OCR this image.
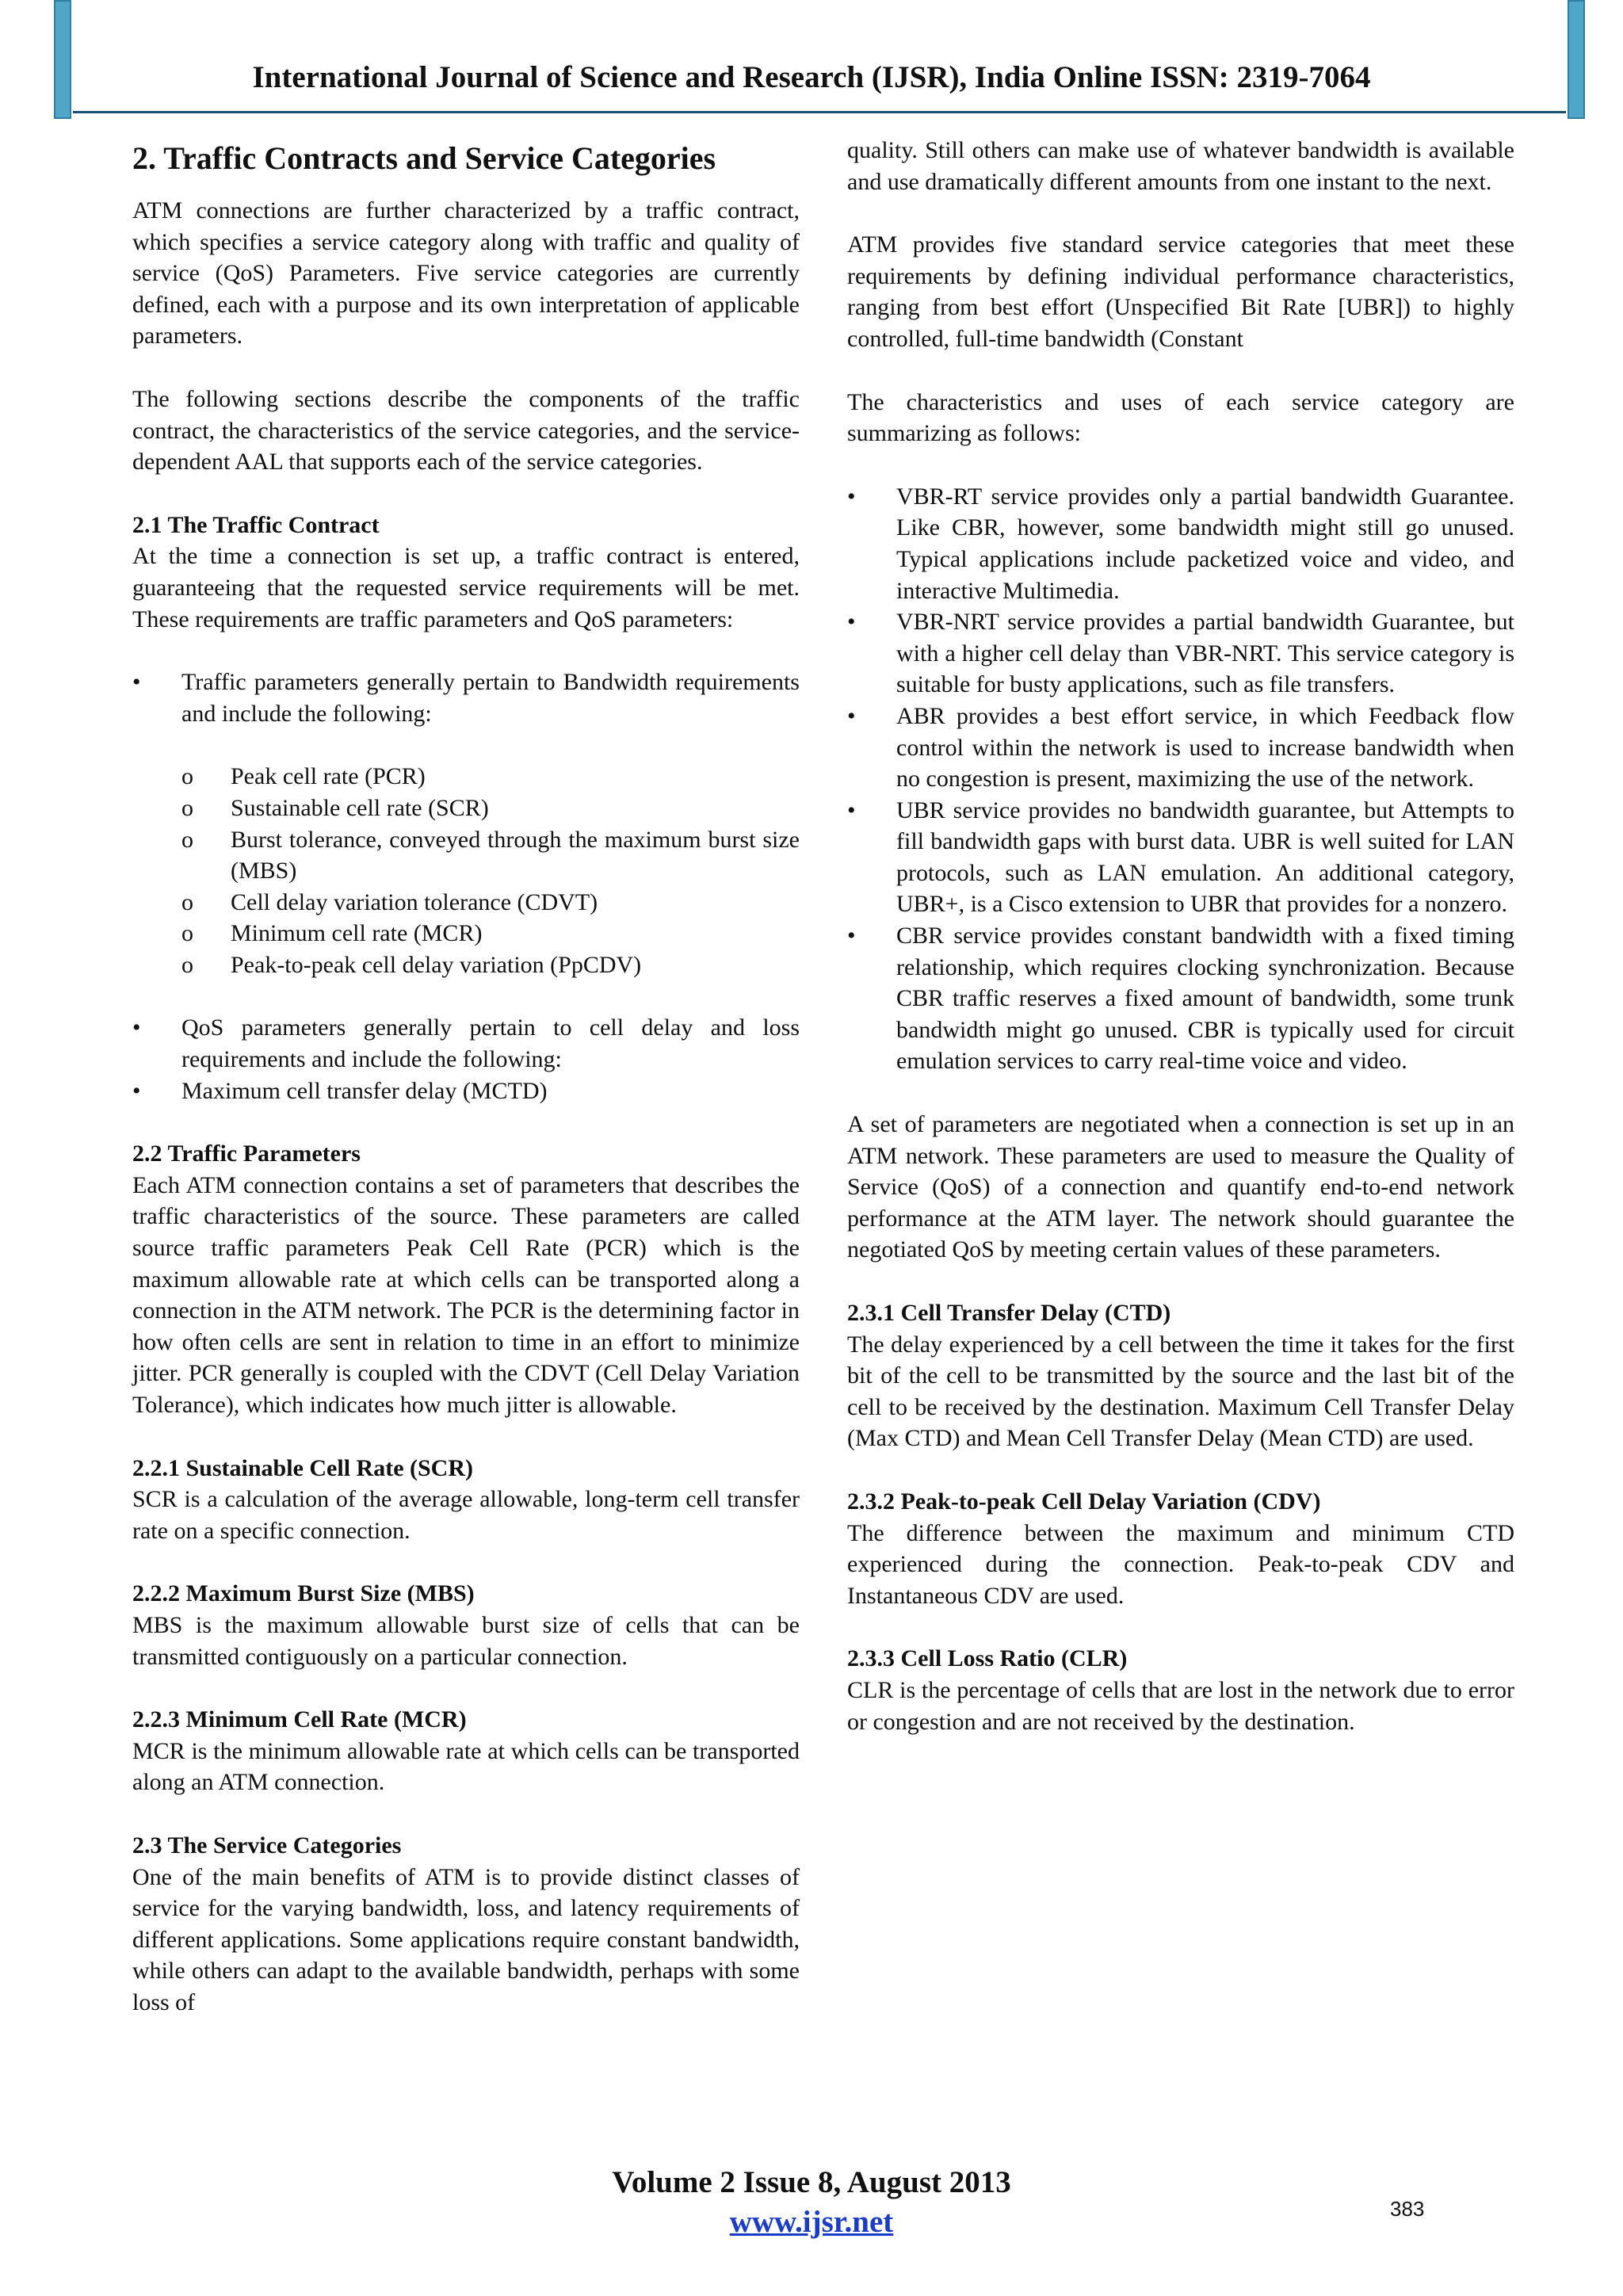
International Journal of Science and Research (IJSR), India Online ISSN: 2319-7064
2. Traffic Contracts and Service Categories

ATM connections are further characterized by a traffic contract, which specifies a service category along with traffic and quality of service (QoS) Parameters. Five service categories are currently defined, each with a purpose and its own interpretation of applicable parameters.

The following sections describe the components of the traffic contract, the characteristics of the service categories, and the service-dependent AAL that supports each of the service categories.

2.1 The Traffic Contract

At the time a connection is set up, a traffic contract is entered, guaranteeing that the requested service requirements will be met. These requirements are traffic parameters and QoS parameters:

• Traffic parameters generally pertain to Bandwidth requirements and include the following:
o Peak cell rate (PCR)
o Sustainable cell rate (SCR)
o Burst tolerance, conveyed through the maximum burst size (MBS)
o Cell delay variation tolerance (CDVT)
o Minimum cell rate (MCR)
o Peak-to-peak cell delay variation (PpCDV)
• QoS parameters generally pertain to cell delay and loss requirements and include the following:
• Maximum cell transfer delay (MCTD)
2.2 Traffic Parameters

Each ATM connection contains a set of parameters that describes the traffic characteristics of the source. These parameters are called source traffic parameters Peak Cell Rate (PCR) which is the maximum allowable rate at which cells can be transported along a connection in the ATM network. The PCR is the determining factor in how often cells are sent in relation to time in an effort to minimize jitter. PCR generally is coupled with the CDVT (Cell Delay Variation Tolerance), which indicates how much jitter is allowable.

2.2.1 Sustainable Cell Rate (SCR)

SCR is a calculation of the average allowable, long-term cell transfer rate on a specific connection.

2.2.2 Maximum Burst Size (MBS)

MBS is the maximum allowable burst size of cells that can be transmitted contiguously on a particular connection.

2.2.3 Minimum Cell Rate (MCR)

MCR is the minimum allowable rate at which cells can be transported along an ATM connection.

2.3 The Service Categories

One of the main benefits of ATM is to provide distinct classes of service for the varying bandwidth, loss, and latency requirements of different applications. Some applications require constant bandwidth, while others can adapt to the available bandwidth, perhaps with some loss of

quality. Still others can make use of whatever bandwidth is available and use dramatically different amounts from one instant to the next.

ATM provides five standard service categories that meet these requirements by defining individual performance characteristics, ranging from best effort (Unspecified Bit Rate [UBR]) to highly controlled, full-time bandwidth (Constant

The characteristics and uses of each service category are summarizing as follows:

• VBR-RT service provides only a partial bandwidth Guarantee. Like CBR, however, some bandwidth might still go unused. Typical applications include packetized voice and video, and interactive Multimedia.
• VBR-NRT service provides a partial bandwidth Guarantee, but with a higher cell delay than VBR-NRT. This service category is suitable for busty applications, such as file transfers.
• ABR provides a best effort service, in which Feedback flow control within the network is used to increase bandwidth when no congestion is present, maximizing the use of the network.
• UBR service provides no bandwidth guarantee, but Attempts to fill bandwidth gaps with burst data. UBR is well suited for LAN protocols, such as LAN emulation. An additional category, UBR+, is a Cisco extension to UBR that provides for a nonzero.
• CBR service provides constant bandwidth with a fixed timing relationship, which requires clocking synchronization. Because CBR traffic reserves a fixed amount of bandwidth, some trunk bandwidth might go unused. CBR is typically used for circuit emulation services to carry real-time voice and video.

A set of parameters are negotiated when a connection is set up in an ATM network. These parameters are used to measure the Quality of Service (QoS) of a connection and quantify end-to-end network performance at the ATM layer. The network should guarantee the negotiated QoS by meeting certain values of these parameters.

2.3.1 Cell Transfer Delay (CTD)

The delay experienced by a cell between the time it takes for the first bit of the cell to be transmitted by the source and the last bit of the cell to be received by the destination. Maximum Cell Transfer Delay (Max CTD) and Mean Cell Transfer Delay (Mean CTD) are used.

2.3.2 Peak-to-peak Cell Delay Variation (CDV)

The difference between the maximum and minimum CTD experienced during the connection. Peak-to-peak CDV and Instantaneous CDV are used.

2.3.3 Cell Loss Ratio (CLR)

CLR is the percentage of cells that are lost in the network due to error or congestion and are not received by the destination.

Volume 2 Issue 8, August 2013
www.ijsr.net	383
